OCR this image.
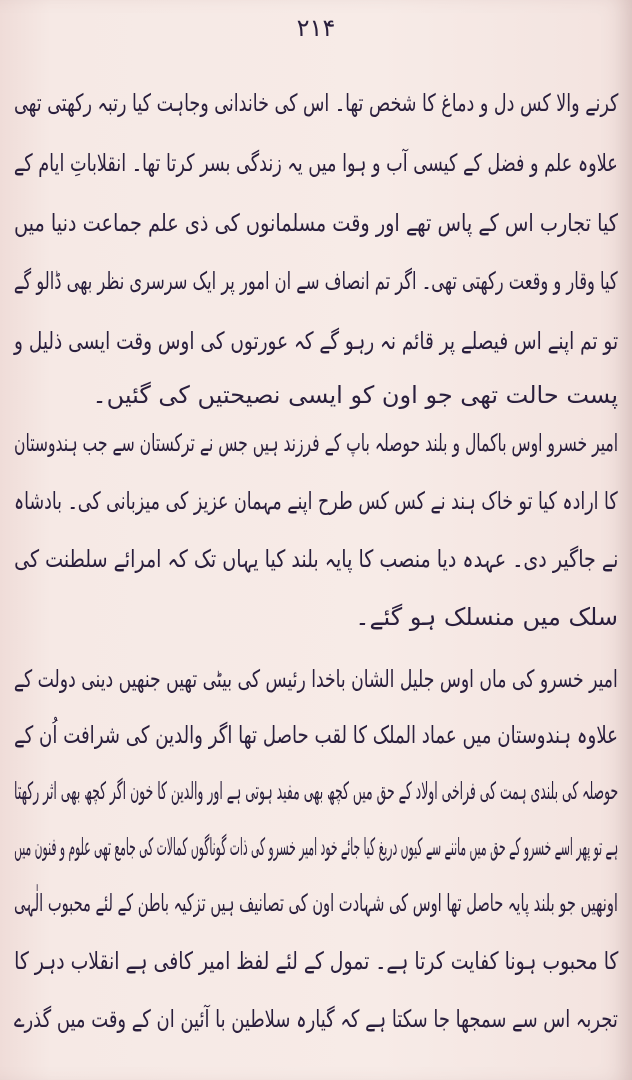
۲۱۴
کرنے والا کس دل و دماغ کا شخص تھا۔ اس کی خاندانی وجاہت کیا رتبہ رکھتی تھی
علاوہ علم و فضل کے کیسی آب و ہوا میں یہ زندگی بسر کرتا تھا۔ انقلاباتِ ایام کے
کیا تجارب اس کے پاس تھے اور وقت مسلمانوں کی ذی علم جماعت دنیا میں
کیا وقار و وقعت رکھتی تھی۔ اگر تم انصاف سے ان امور پر ایک سرسری نظر بھی ڈالو گے
تو تم اپنے اس فیصلے پر قائم نہ رہو گے کہ عورتوں کی اوس وقت ایسی ذلیل و
پست حالت تھی جو اون کو ایسی نصیحتیں کی گئیں۔
امیر خسرو اوس باکمال و بلند حوصلہ باپ کے فرزند ہیں جس نے ترکستان سے جب ہندوستان
کا ارادہ کیا تو خاک ہند نے کس کس طرح اپنے مہمان عزیز کی میزبانی کی۔ بادشاہ
نے جاگیر دی۔ عہدہ دیا منصب کا پایہ بلند کیا یہاں تک کہ امرائے سلطنت کی
سلک میں منسلک ہو گئے۔
امیر خسرو کی ماں اوس جلیل الشان باخدا رئیس کی بیٹی تھیں جنھیں دینی دولت کے
علاوہ ہندوستان میں عماد الملک کا لقب حاصل تھا اگر والدین کی شرافت اُن کے
حوصلہ کی بلندی ہمت کی فراخی اولاد کے حق میں کچھ بھی مفید ہوتی ہے اور والدین کا خون اگر کچھ بھی اثر رکھتا
ہے تو پھر اسے خسرو کے حق میں ماننے سے کیوں دریغ کیا جائے خود امیر خسرو کی ذات گوناگوں کمالات کی جامع تھی علوم و فنون میں
اونھیں جو بلند پایہ حاصل تھا اوس کی شہادت اون کی تصانیف ہیں تزکیہ باطن کے لئے محبوب الٰہی
کا محبوب ہونا کفایت کرتا ہے۔ تمول کے لئے لفظ امیر کافی ہے انقلاب دہر کا
تجربہ اس سے سمجھا جا سکتا ہے کہ گیارہ سلاطین با آئین ان کے وقت میں گذرے
